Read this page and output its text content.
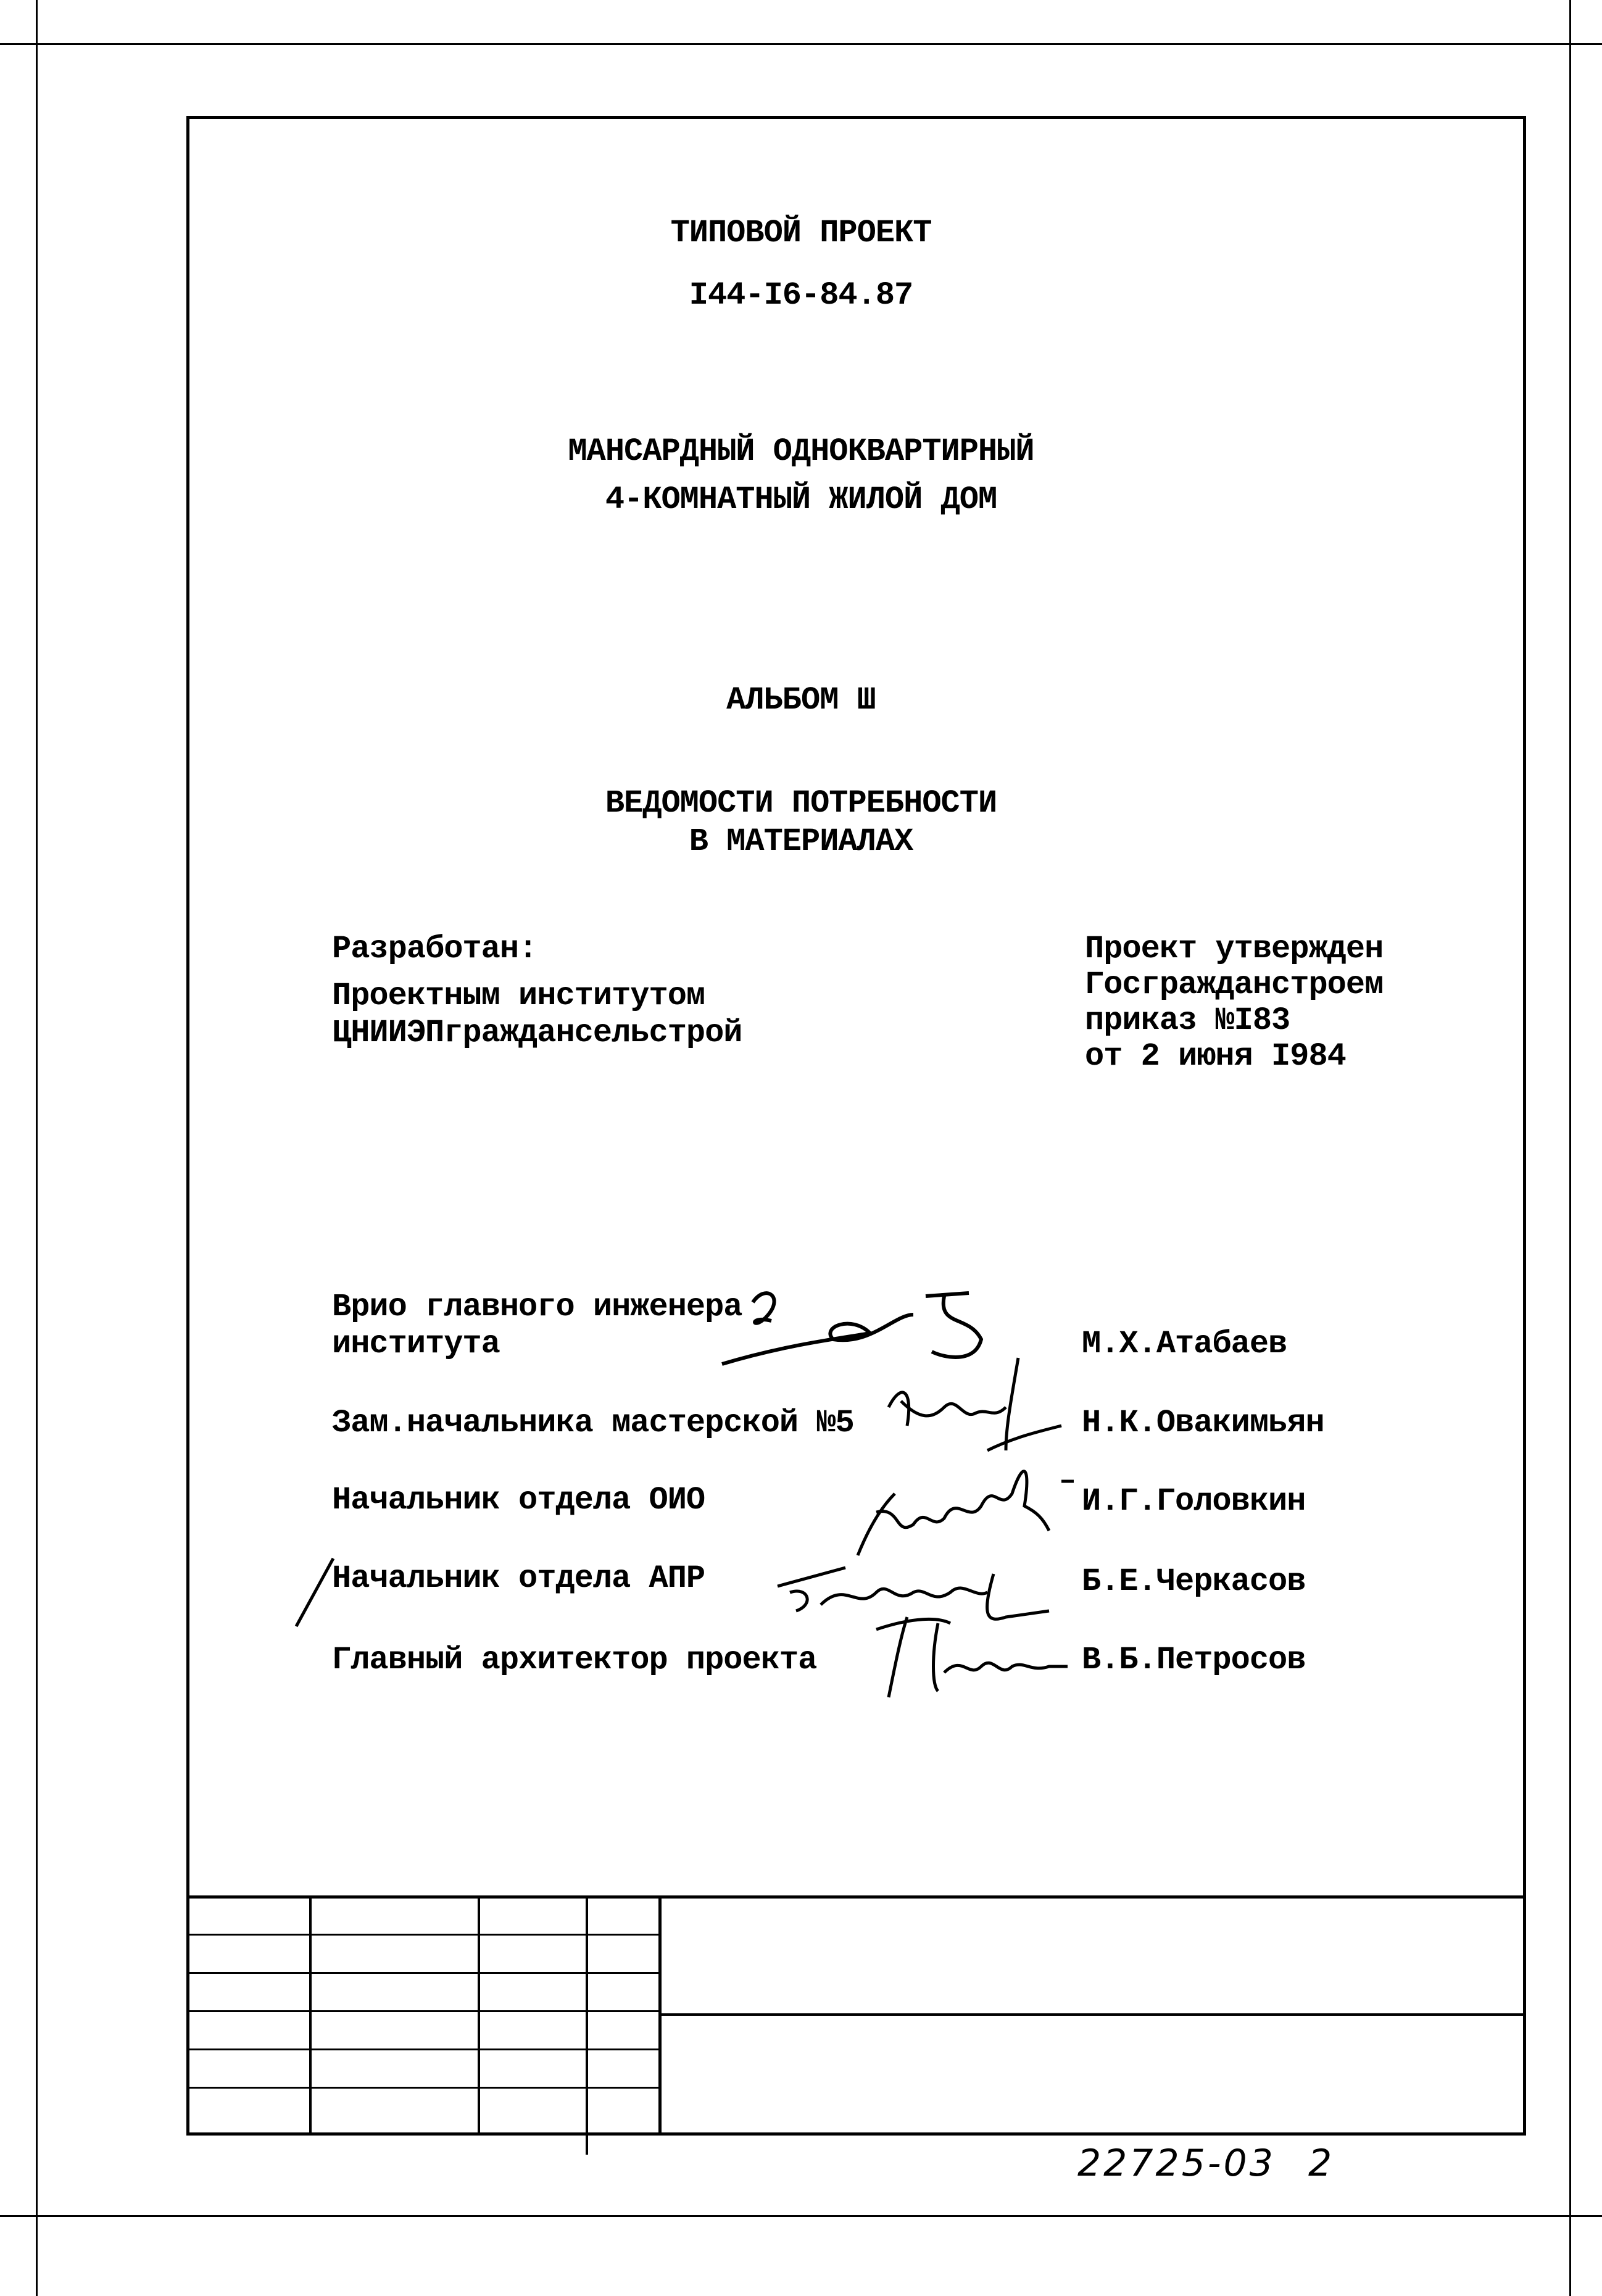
ТИПОВОЙ ПРОЕКТ
I44-I6-84.87
МАНСАРДНЫЙ ОДНОКВАРТИРНЫЙ
4-КОМНАТНЫЙ ЖИЛОЙ ДОМ
АЛЬБОМ Ш
ВЕДОМОСТИ ПОТРЕБНОСТИ
В МАТЕРИАЛАХ
Разработан:
Проектным институтом
ЦНИИЭПграждансельстрой
Проект утвержден
Госгражданстроем
приказ №I83
от 2 июня I984
Врио главного инженера
института	М.Х.Атабаев
Зам.начальника мастерской №5	Н.К.Овакимьян
Начальник отдела ОИО	И.Г.Головкин
Начальник отдела АПР	Б.Е.Черкасов
Главный архитектор проекта	В.Б.Петросов
22725-03 2
